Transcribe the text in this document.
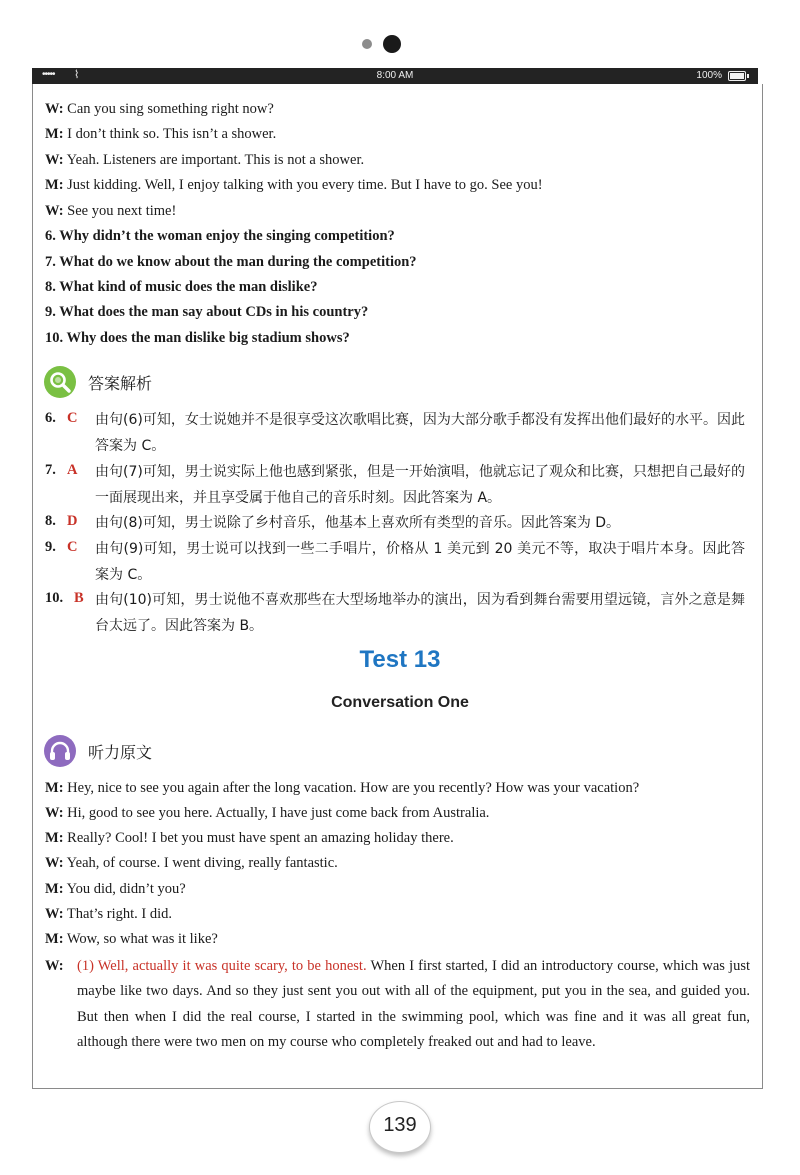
••••• ⌇	8:00 AM	100%
W: Can you sing something right now?
M: I don’t think so. This isn’t a shower.
W: Yeah. Listeners are important. This is not a shower.
M: Just kidding. Well, I enjoy talking with you every time. But I have to go. See you!
W: See you next time!
6. Why didn’t the woman enjoy the singing competition?
7. What do we know about the man during the competition?
8. What kind of music does the man dislike?
9. What does the man say about CDs in his country?
10. Why does the man dislike big stadium shows?
答案解析
6. C 由句(6)可知，女士说她并不是很享受这次歌唱比赛，因为大部分歌手都没有发挥出他们最好的水平。因此答案为 C。
7. A 由句(7)可知，男士说实际上他也感到紧张，但是一开始演唱，他就忘记了观众和比赛，只想把自己最好的一面展现出来，并且享受属于他自己的音乐时刻。因此答案为 A。
8. D 由句(8)可知，男士说除了乡村音乐，他基本上喜欢所有类型的音乐。因此答案为 D。
9. C 由句(9)可知，男士说可以找到一些二手唱片，价格从 1 美元到 20 美元不等，取决于唱片本身。因此答案为 C。
10. B 由句(10)可知，男士说他不喜欢那些在大型场地举办的演出，因为看到舞台需要用望远镜，言外之意是舞台太远了。因此答案为 B。
Test 13
Conversation One
听力原文
M: Hey, nice to see you again after the long vacation. How are you recently? How was your vacation?
W: Hi, good to see you here. Actually, I have just come back from Australia.
M: Really? Cool! I bet you must have spent an amazing holiday there.
W: Yeah, of course. I went diving, really fantastic.
M: You did, didn’t you?
W: That’s right. I did.
M: Wow, so what was it like?
W: (1) Well, actually it was quite scary, to be honest. When I first started, I did an introductory course, which was just maybe like two days. And so they just sent you out with all of the equipment, put you in the sea, and guided you. But then when I did the real course, I started in the swimming pool, which was fine and it was all great fun, although there were two men on my course who completely freaked out and had to leave.
139
